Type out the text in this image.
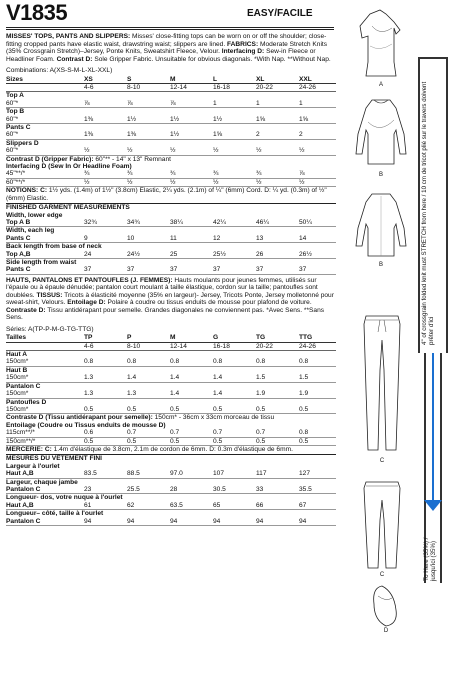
V1835	EASY/FACILE

MISSES' TOPS, PANTS AND SLIPPERS: Misses' close-fitting tops can be worn on or off the shoulder; close-fitting cropped pants have elastic waist, drawstring waist; slippers are lined. FABRICS: Moderate Stretch Knits (35% Crossgrain Stretch)–Jersey, Ponte Knits, Sweatshirt Fleece, Velour. Interfacing D: Sew-in Fleece or Headliner Foam. Contrast D: Sole Gripper Fabric. Unsuitable for obvious diagonals. *With Nap. **Without Nap.

Combinations: A(XS-S-M-L-XL-XXL)

Sizes	XS	S	M	L	XL	XXL
	4-6	8-10	12-14	16-18	20-22	24-26
Top A						
60"*	⅞	⅞	⅞	1	1	1
Top B						
60"*	1⅜	1½	1½	1½	1⅝	1⅝
Pants C						
60"*	1⅜	1⅜	1½	1⅝	2	2
Slippers D						
60"*	½	½	½	½	½	½
Contrast D (Gripper Fabric): 60"** - 14" x 13" Remnant						
Interfacing D (Sew In Or Headline Foam)						
45"**/*	¾	¾	¾	¾	¾	⅞
60"**/*	½	½	½	½	½	½
NOTIONS: C: 1½ yds. (1.4m) of 1½" (3.8cm) Elastic, 2¼ yds. (2.1m) of ¼" (6mm) Cord. D: ¼ yd. (0.3m) of ½" (6mm) Elastic.						
FINISHED GARMENT MEASUREMENTS
Width, lower edge						
Top A B	32¾	34¾	38¼	42¼	46¼	50¼
Width, each leg						
Pants C	9	10	11	12	13	14
Back length from base of neck						
Top A,B	24	24½	25	25½	26	26½
Side length from waist						
Pants C	37	37	37	37	37	37

HAUTS, PANTALONS ET PANTOUFLES (J. FEMMES): Hauts moulants pour jeunes femmes, utilisés sur l'épaule ou à épaule dénudée; pantalon court moulant à taille élastique, cordon sur la taille; pantoufles sont doublées. TISSUS: Tricots à élasticité moyenne (35% en largeur)- Jersey, Tricots Ponte, Jersey molletonné pour sweat-shirt, Velours. Entoilage D: Polaire à coudre ou tissus enduits de mousse pour plafond de voiture. Contraste D: Tissu antidérapant pour semelle. Grandes diagonales ne conviennent pas. *Avec Sens. **Sans Sens.

Séries: A(TP-P-M-G-TG-TTG)

Tailles	TP	P	M	G	TG	TTG
	4-6	8-10	12-14	16-18	20-22	24-26
Haut A						
150cm*	0.8	0.8	0.8	0.8	0.8	0.8
Haut B						
150cm*	1.3	1.4	1.4	1.4	1.5	1.5
Pantalon C						
150cm*	1.3	1.3	1.4	1.4	1.9	1.9
Pantoufles D						
150cm*	0.5	0.5	0.5	0.5	0.5	0.5
Contraste D (Tissu antidérapant pour semelle): 150cm* - 36cm x 33cm morceau de tissu						
Entoilage (Coudre ou Tissus enduits de mousse D)						
115cm**/*	0.6	0.7	0.7	0.7	0.7	0.8
150cm**/*	0.5	0.5	0.5	0.5	0.5	0.5
MERCERIE: C: 1.4m d'élastique de 3.8cm, 2.1m de cordon de 6mm. D: 0.3m d'élastique de 6mm.						
MESURES DU VÊTEMENT FINI
Largeur à l'ourlet						
Haut A,B	83.5	88.5	97.0	107	117	127
Largeur, chaque jambe						
Pantalon C	23	25.5	28	30.5	33	35.5
Longueur- dos, votre nuque à l'ourlet						
Haut A,B	61	62	63.5	65	66	67
Longueur– côté, taille à l'ourlet						
Pantalon C	94	94	94	94	94	94
A
B
B
C
C
D
4" of crossgrain folded knit must STRETCH from here / 10 cm de tricot plié sur le travers doivent prêter d'ici
To Here (35%) / jusqu'ici (35%)
